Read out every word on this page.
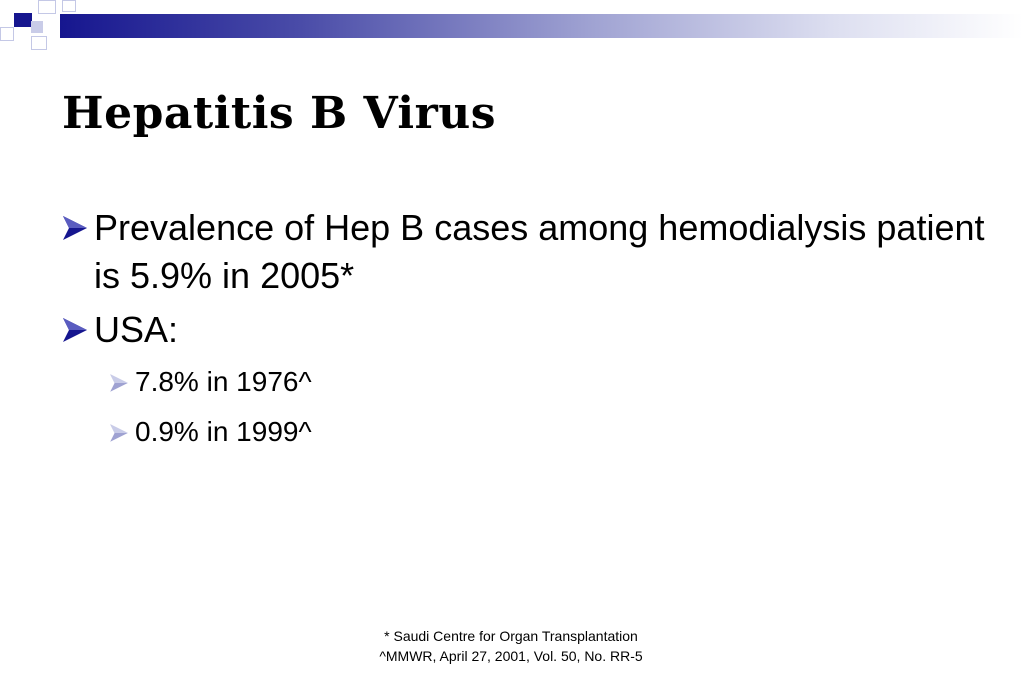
Hepatitis B Virus
Prevalence of Hep B cases among hemodialysis patient is 5.9% in 2005*
USA:
7.8% in 1976^
0.9% in 1999^
* Saudi Centre for Organ Transplantation
^MMWR, April 27, 2001, Vol. 50, No. RR-5
